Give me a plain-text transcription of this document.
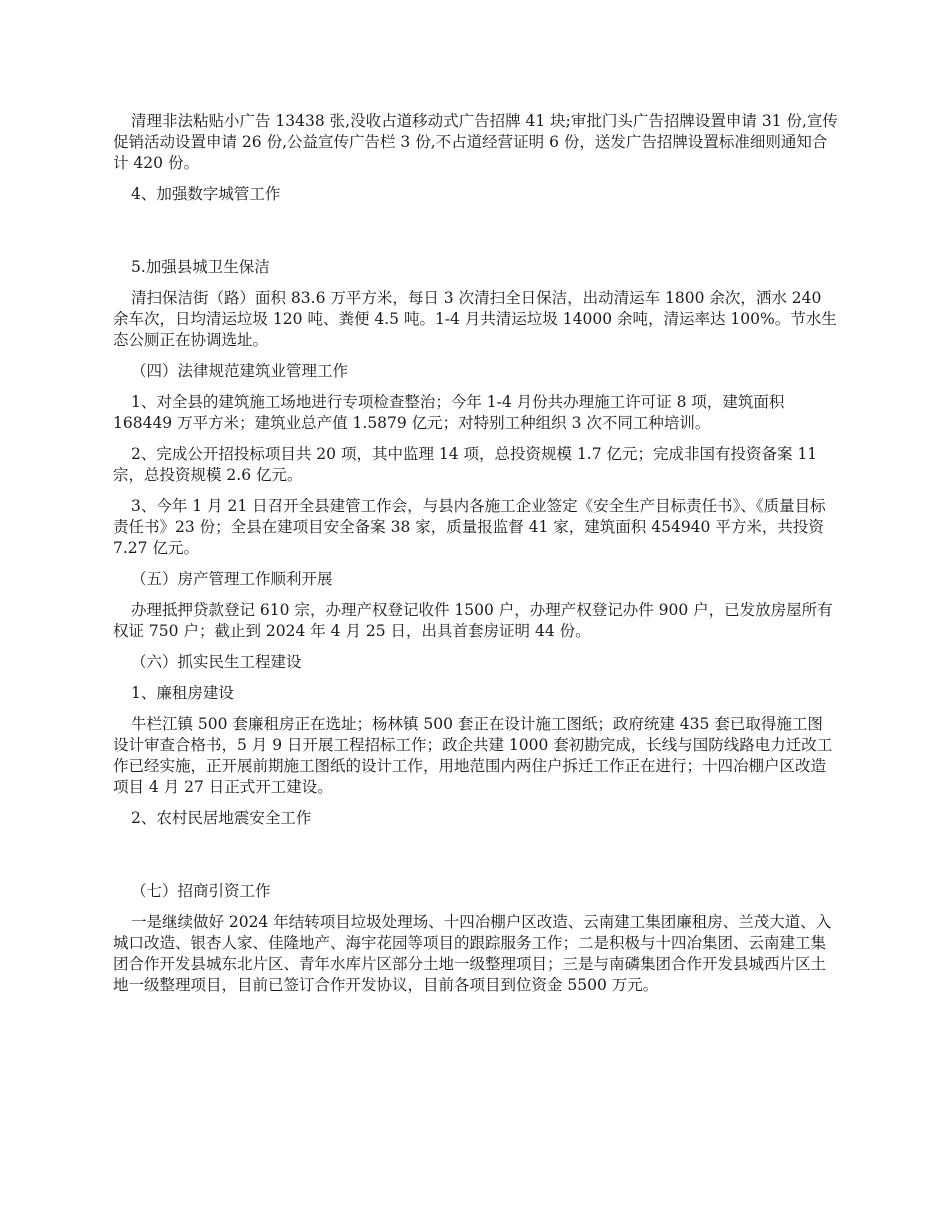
清理非法粘贴小广告 13438 张,没收占道移动式广告招牌 41 块;审批门头广告招牌设置申请 31 份,宣传促销活动设置申请 26 份,公益宣传广告栏 3 份,不占道经营证明 6 份，送发广告招牌设置标准细则通知合计 420 份。

4、加强数字城管工作

5.加强县城卫生保洁

清扫保洁街（路）面积 83.6 万平方米，每日 3 次清扫全日保洁，出动清运车 1800 余次，洒水 240 余车次，日均清运垃圾 120 吨、粪便 4.5 吨。1-4 月共清运垃圾 14000 余吨，清运率达 100%。节水生态公厕正在协调选址。

（四）法律规范建筑业管理工作

1、对全县的建筑施工场地进行专项检查整治；今年 1-4 月份共办理施工许可证 8 项，建筑面积 168449 万平方米；建筑业总产值 1.5879 亿元；对特别工种组织 3 次不同工种培训。

2、完成公开招投标项目共 20 项，其中监理 14 项，总投资规模 1.7 亿元；完成非国有投资备案 11 宗，总投资规模 2.6 亿元。

3、今年 1 月 21 日召开全县建管工作会，与县内各施工企业签定《安全生产目标责任书》、《质量目标责任书》23 份；全县在建项目安全备案 38 家，质量报监督 41 家，建筑面积 454940 平方米，共投资 7.27 亿元。

（五）房产管理工作顺利开展

办理抵押贷款登记 610 宗，办理产权登记收件 1500 户，办理产权登记办件 900 户，已发放房屋所有权证 750 户；截止到 2024 年 4 月 25 日，出具首套房证明 44 份。

（六）抓实民生工程建设

1、廉租房建设

牛栏江镇 500 套廉租房正在选址；杨林镇 500 套正在设计施工图纸；政府统建 435 套已取得施工图设计审查合格书，5 月 9 日开展工程招标工作；政企共建 1000 套初勘完成，长线与国防线路电力迁改工作已经实施，正开展前期施工图纸的设计工作，用地范围内两住户拆迁工作正在进行；十四冶棚户区改造项目 4 月 27 日正式开工建设。

2、农村民居地震安全工作

（七）招商引资工作

一是继续做好 2024 年结转项目垃圾处理场、十四冶棚户区改造、云南建工集团廉租房、兰茂大道、入城口改造、银杏人家、佳隆地产、海宇花园等项目的跟踪服务工作；二是积极与十四冶集团、云南建工集团合作开发县城东北片区、青年水库片区部分土地一级整理项目；三是与南磷集团合作开发县城西片区土地一级整理项目，目前已签订合作开发协议，目前各项目到位资金 5500 万元。
